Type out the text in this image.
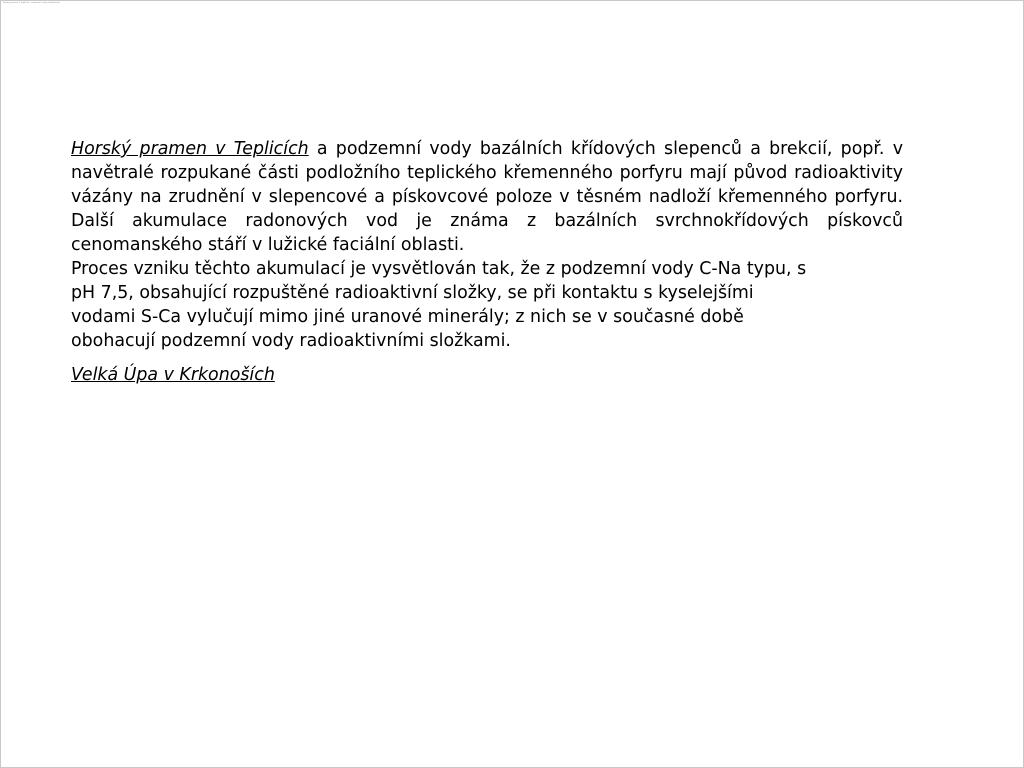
Horský pramen v Teplicích – podzemní vody radioaktivity

Horský pramen v Teplicích a podzemní vody bazálních křídových slepenců a brekcií, popř. v navětralé rozpukané části podložního teplického křemenného porfyru mají původ radioaktivity vázány na zrudnění v slepencové a pískovcové poloze v těsném nadloží křemenného porfyru. Další akumulace radonových vod je známa z bazálních svrchnokřídových pískovců cenomanského stáří v lužické faciální oblasti.

Proces vzniku těchto akumulací je vysvětlován tak, že z podzemní vody C-Na typu, s
pH 7,5, obsahující rozpuštěné radioaktivní složky, se při kontaktu s kyselejšími
vodami S-Ca vylučují mimo jiné uranové minerály; z nich se v současné době
obohacují podzemní vody radioaktivními složkami.

Velká Úpa v Krkonoších
